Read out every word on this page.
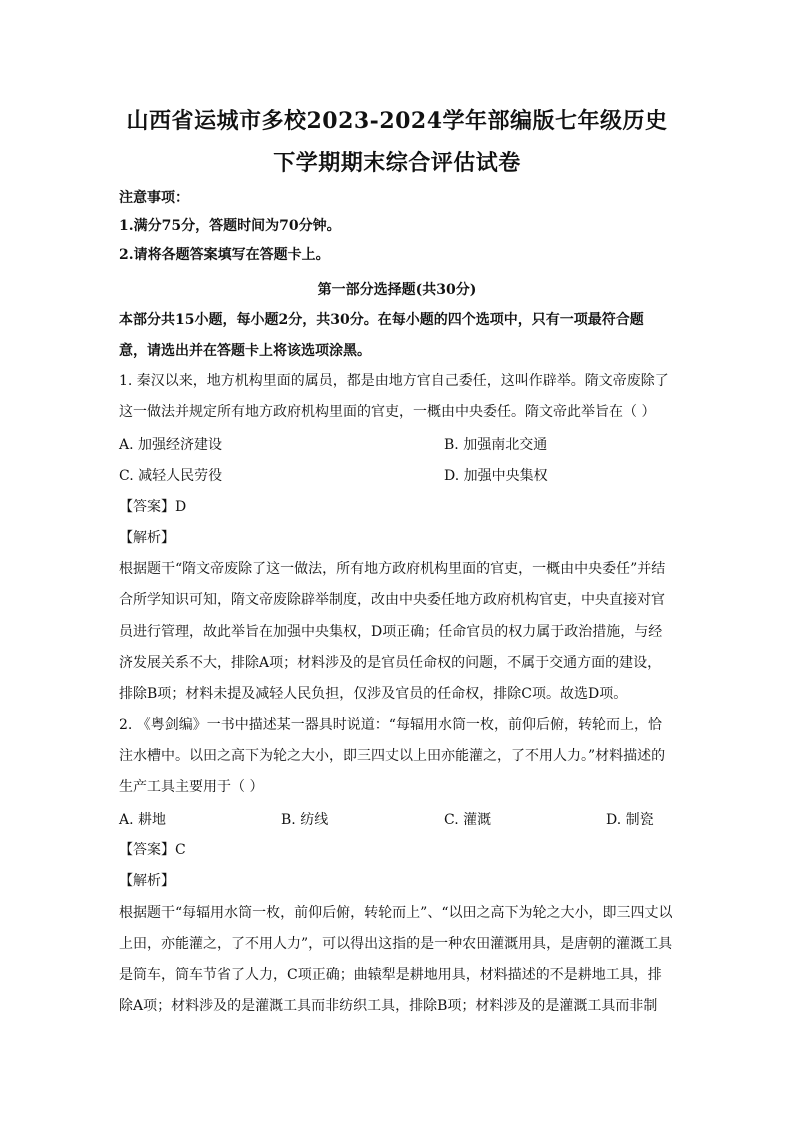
山西省运城市多校2023-2024学年部编版七年级历史
下学期期末综合评估试卷
注意事项：
1.满分75分，答题时间为70分钟。
2.请将各题答案填写在答题卡上。
第一部分选择题(共30分)
本部分共15小题，每小题2分，共30分。在每小题的四个选项中，只有一项最符合题
意，请选出并在答题卡上将该选项涂黑。
1. 秦汉以来，地方机构里面的属员，都是由地方官自己委任，这叫作辟举。隋文帝废除了
这一做法并规定所有地方政府机构里面的官吏，一概由中央委任。隋文帝此举旨在（ ）
A. 加强经济建设	B. 加强南北交通
C. 减轻人民劳役	D. 加强中央集权
【答案】D
【解析】
根据题干“隋文帝废除了这一做法，所有地方政府机构里面的官吏，一概由中央委任”并结
合所学知识可知，隋文帝废除辟举制度，改由中央委任地方政府机构官吏，中央直接对官
员进行管理，故此举旨在加强中央集权，D项正确；任命官员的权力属于政治措施，与经
济发展关系不大，排除A项；材料涉及的是官员任命权的问题，不属于交通方面的建设，
排除B项；材料未提及减轻人民负担，仅涉及官员的任命权，排除C项。故选D项。
2. 《粤剑编》一书中描述某一器具时说道：“每辐用水筒一枚，前仰后俯，转轮而上，恰
注水槽中。以田之高下为轮之大小，即三四丈以上田亦能灌之，了不用人力。”材料描述的
生产工具主要用于（ ）
A. 耕地	B. 纺线	C. 灌溉	D. 制瓷
【答案】C
【解析】
根据题干“每辐用水筒一枚，前仰后俯，转轮而上”、“以田之高下为轮之大小，即三四丈以
上田，亦能灌之，了不用人力”，可以得出这指的是一种农田灌溉用具，是唐朝的灌溉工具
是筒车，筒车节省了人力，C项正确；曲辕犁是耕地用具，材料描述的不是耕地工具，排
除A项；材料涉及的是灌溉工具而非纺织工具，排除B项；材料涉及的是灌溉工具而非制
